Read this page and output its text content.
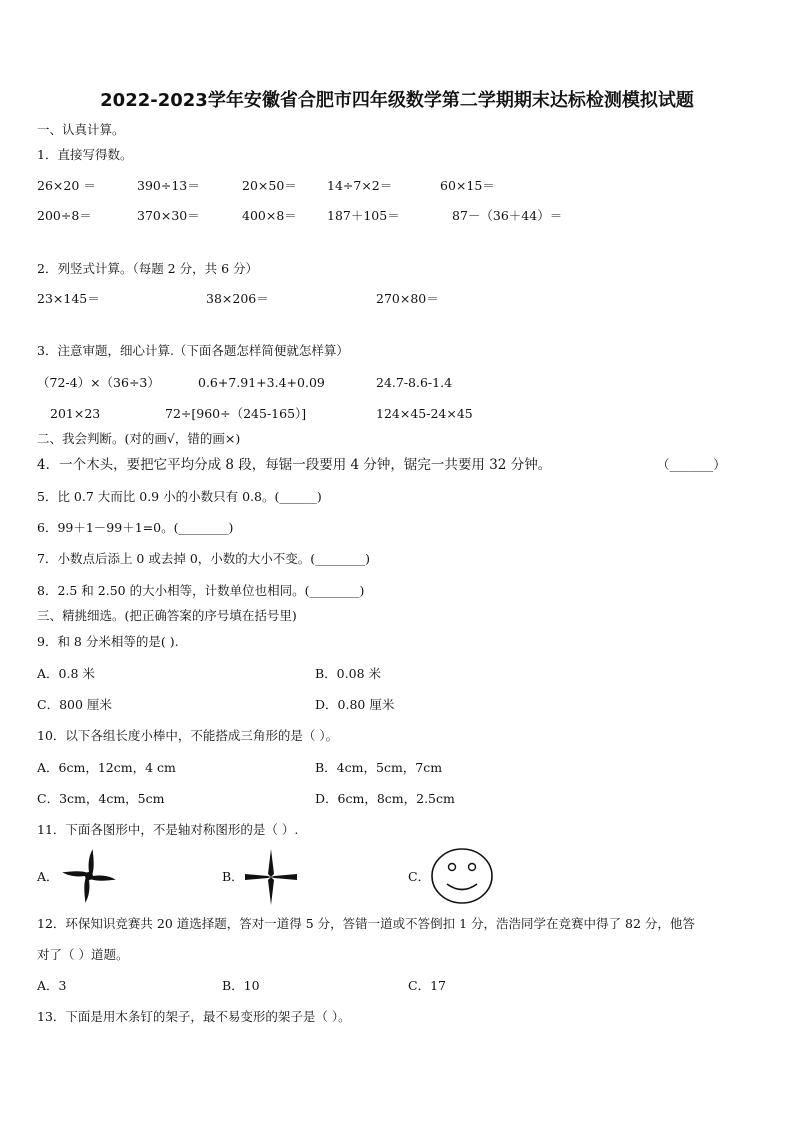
2022-2023学年安徽省合肥市四年级数学第二学期期末达标检测模拟试题
一、认真计算。
1．直接写得数。
26×20 ＝	390÷13＝	20×50＝ 14÷7×2＝	60×15＝
200÷8＝	370×30＝	400×8＝ 187＋105＝	87－（36＋44）＝
2．列竖式计算。（每题 2 分，共 6 分）
23×145＝	38×206＝	270×80＝
3．注意审题，细心计算.（下面各题怎样简便就怎样算）
（72-4）×（36÷3）	0.6+7.91+3.4+0.09	24.7-8.6-1.4
201×23	72÷[960÷（245-165）]	124×45-24×45
二、我会判断。(对的画√，错的画×)
4．一个木头，要把它平均分成 8 段，每锯一段要用 4 分钟，锯完一共要用 32 分钟。	（_______）
5．比 0.7 大而比 0.9 小的小数只有 0.8。(______)
6．99＋1－99＋1=0。(________)
7．小数点后添上 0 或去掉 0，小数的大小不变。(________)
8．2.5 和 2.50 的大小相等，计数单位也相同。(________)
三、精挑细选。(把正确答案的序号填在括号里)
9．和 8 分米相等的是( ).
A．0.8 米	B．0.08 米
C．800 厘米	D．0.80 厘米
10．以下各组长度小棒中，不能搭成三角形的是（ ）。
A．6cm，12cm，4 cm	B．4cm，5cm，7cm
C．3cm，4cm，5cm	D．6cm，8cm，2.5cm
11．下面各图形中，不是轴对称图形的是（ ）.
A．	B．	C．
12．环保知识竞赛共 20 道选择题，答对一道得 5 分，答错一道或不答倒扣 1 分，浩浩同学在竞赛中得了 82 分，他答
对了（ ）道题。
A．3	B．10	C．17
13．下面是用木条钉的架子，最不易变形的架子是（ ）。
